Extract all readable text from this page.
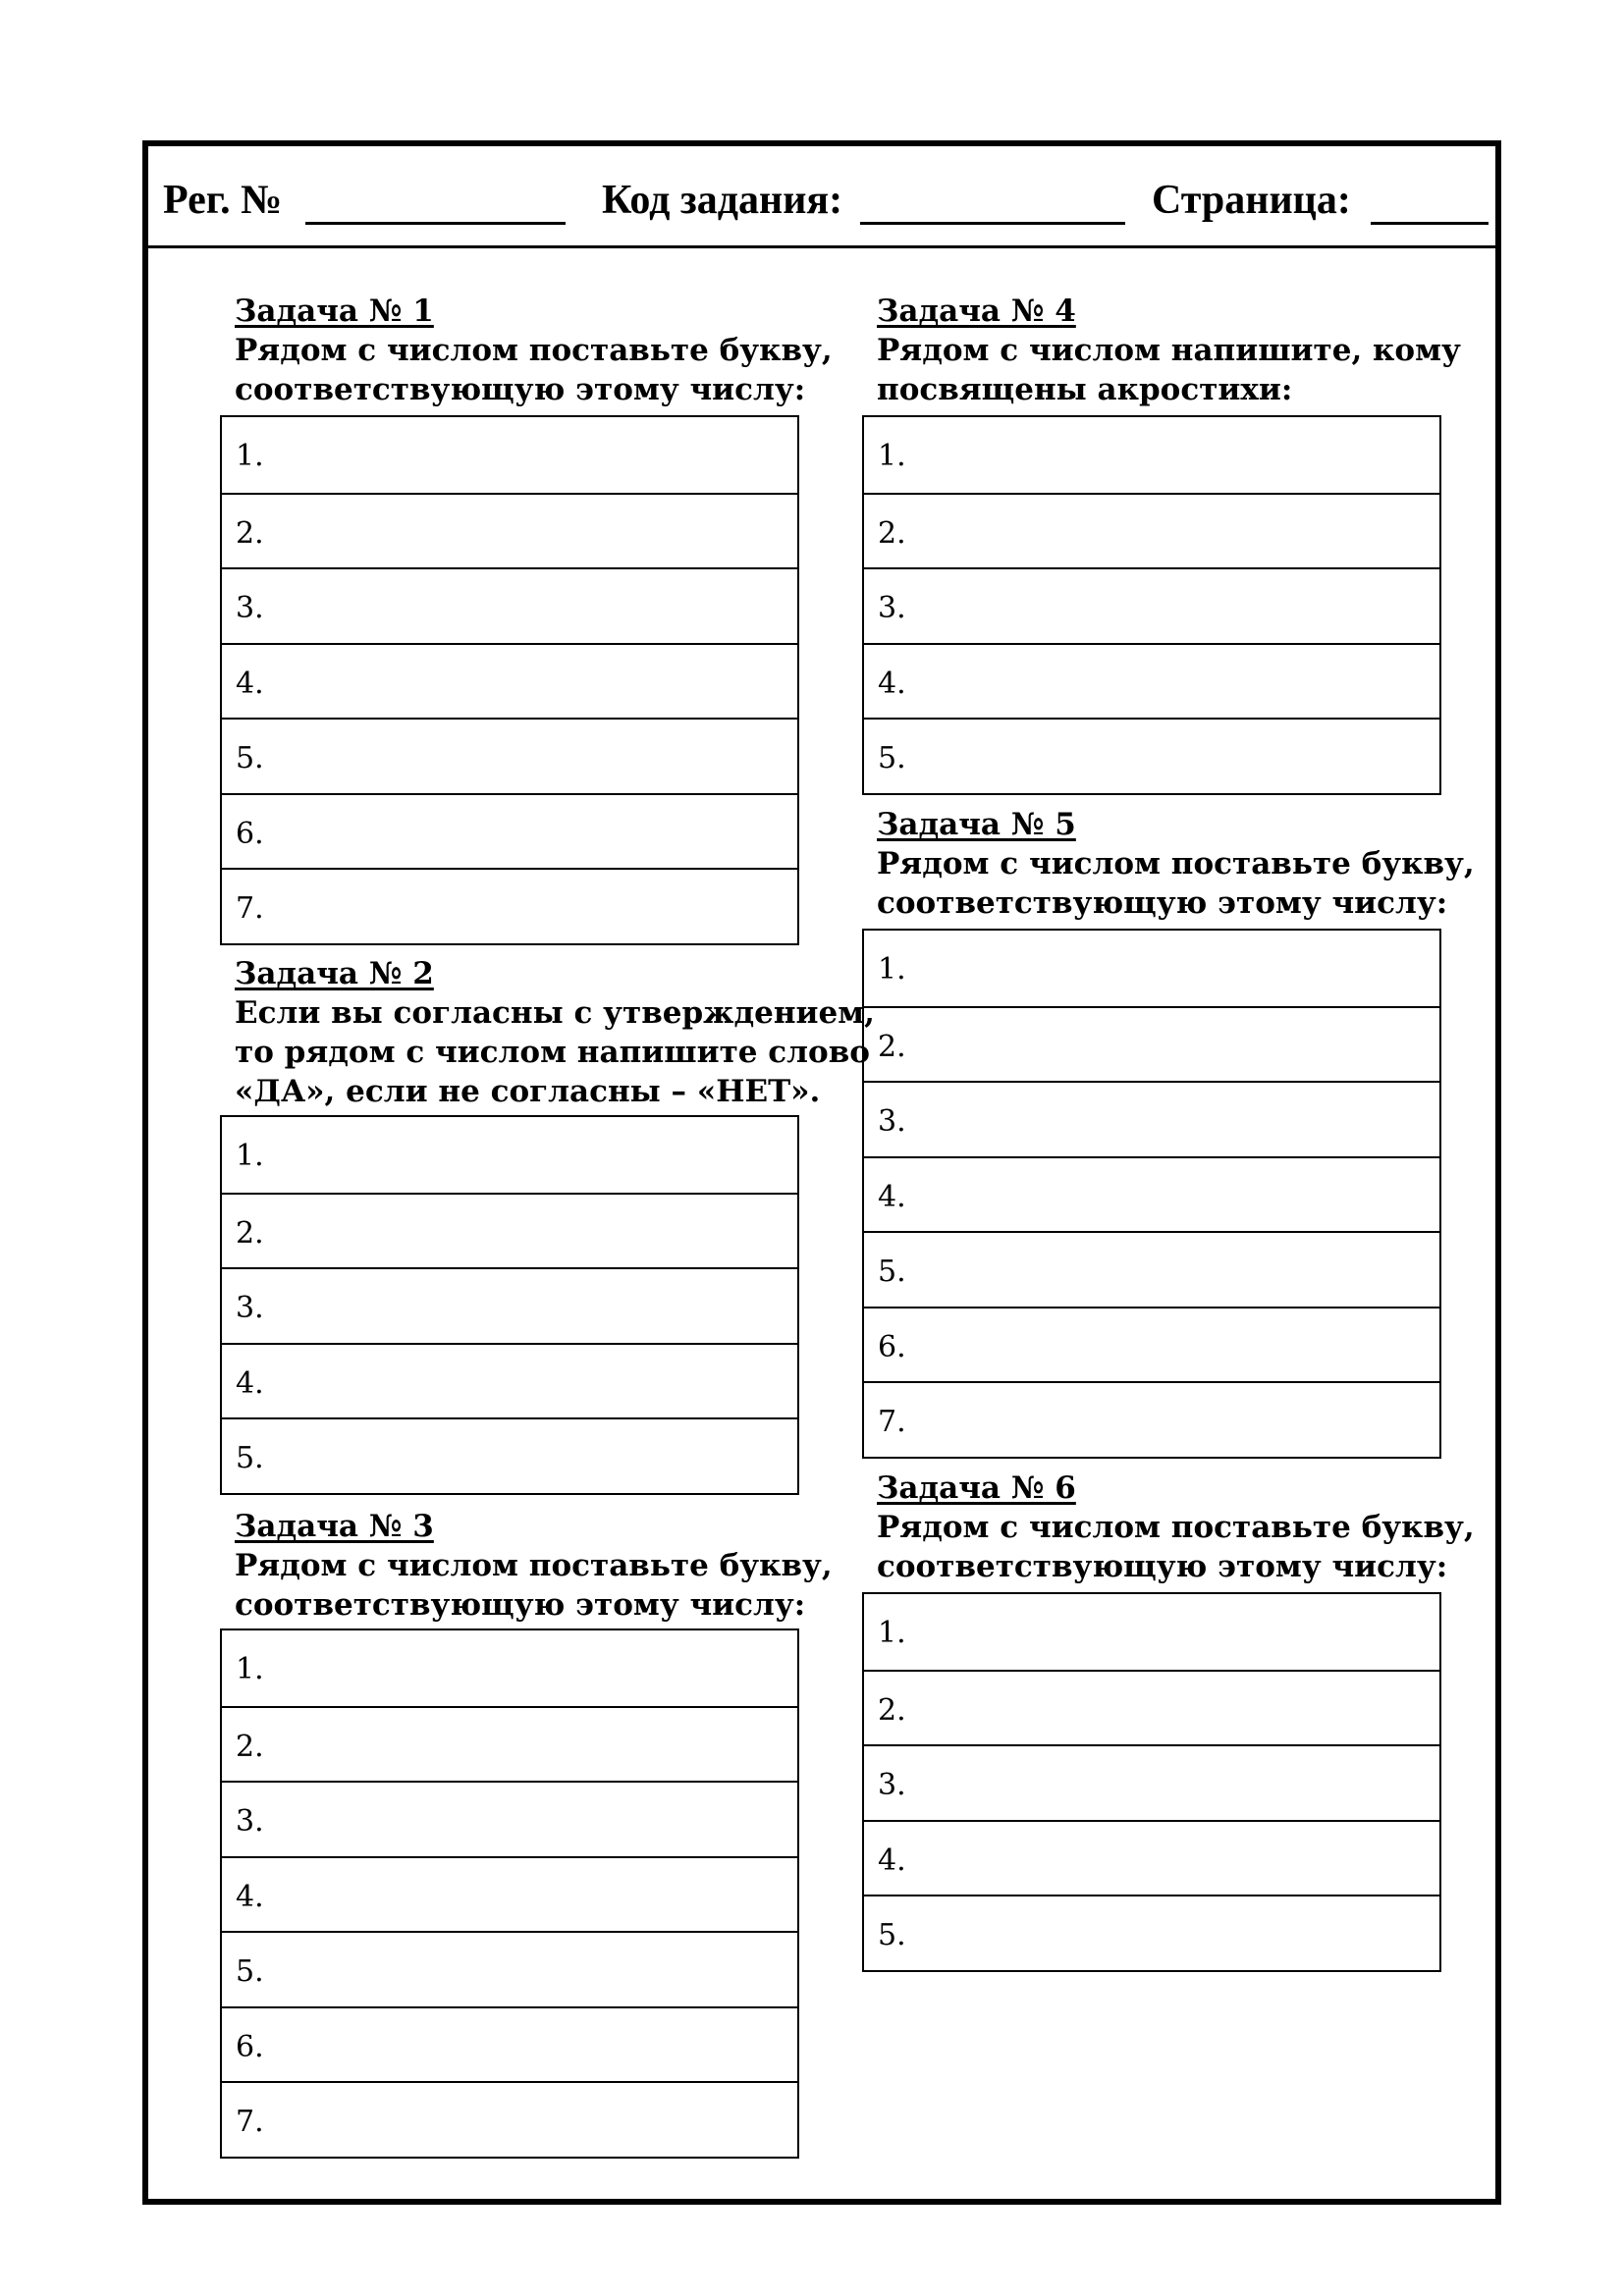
Рег. №	Код задания:	Страница:
Задача № 1
Рядом с числом поставьте букву,
соответствующую этому числу:
1.
2.
3.
4.
5.
6.
7.
Задача № 2
Если вы согласны с утверждением,
то рядом с числом напишите слово
«ДА», если не согласны – «НЕТ».
1.
2.
3.
4.
5.
Задача № 3
Рядом с числом поставьте букву,
соответствующую этому числу:
1.
2.
3.
4.
5.
6.
7.
Задача № 4
Рядом с числом напишите, кому
посвящены акростихи:
1.
2.
3.
4.
5.
Задача № 5
Рядом с числом поставьте букву,
соответствующую этому числу:
1.
2.
3.
4.
5.
6.
7.
Задача № 6
Рядом с числом поставьте букву,
соответствующую этому числу:
1.
2.
3.
4.
5.
